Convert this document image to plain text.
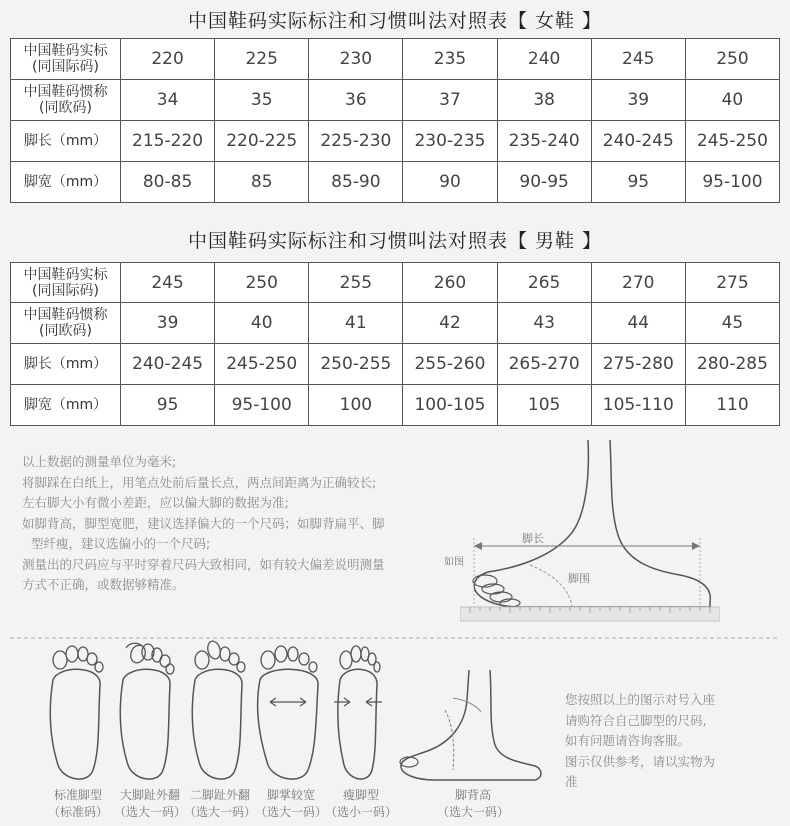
中国鞋码实际标注和习惯叫法对照表【 女鞋 】
中国鞋码实标
(同国际码)	220	225	230	235	240	245	250
中国鞋码惯称
(同欧码)	34	35	36	37	38	39	40
脚长（mm）	215-220	220-225	225-230	230-235	235-240	240-245	245-250
脚宽（mm）	80-85	85	85-90	90	90-95	95	95-100
中国鞋码实际标注和习惯叫法对照表【 男鞋 】
中国鞋码实标
(同国际码)	245	250	255	260	265	270	275
中国鞋码惯称
(同欧码)	39	40	41	42	43	44	45
脚长（mm）	240-245	245-250	250-255	255-260	265-270	275-280	280-285
脚宽（mm）	95	95-100	100	100-105	105	105-110	110
以上数据的测量单位为毫米;
将脚踩在白纸上，用笔点处前后量长点，两点间距离为正确较长;
左右脚大小有微小差距，应以偏大脚的数据为准;
如脚背高，脚型宽肥，建议选择偏大的一个尺码；如脚背扁平、脚
型纤瘦，建议选偏小的一个尺码;
测量出的尺码应与平时穿着尺码大致相同，如有较大偏差说明测量
方式不正确，或数据够精准。
脚长
脚围
如图
标准脚型
（标准码）
大脚趾外翻
（选大一码）
二脚趾外翻
（选大一码）
脚掌较宽
（选大一码）
瘦脚型
（选小一码）
脚背高
（选大一码）
您按照以上的图示对号入座
请购符合自己脚型的尺码,
如有问题请咨询客服。
图示仅供参考，请以实物为
准
